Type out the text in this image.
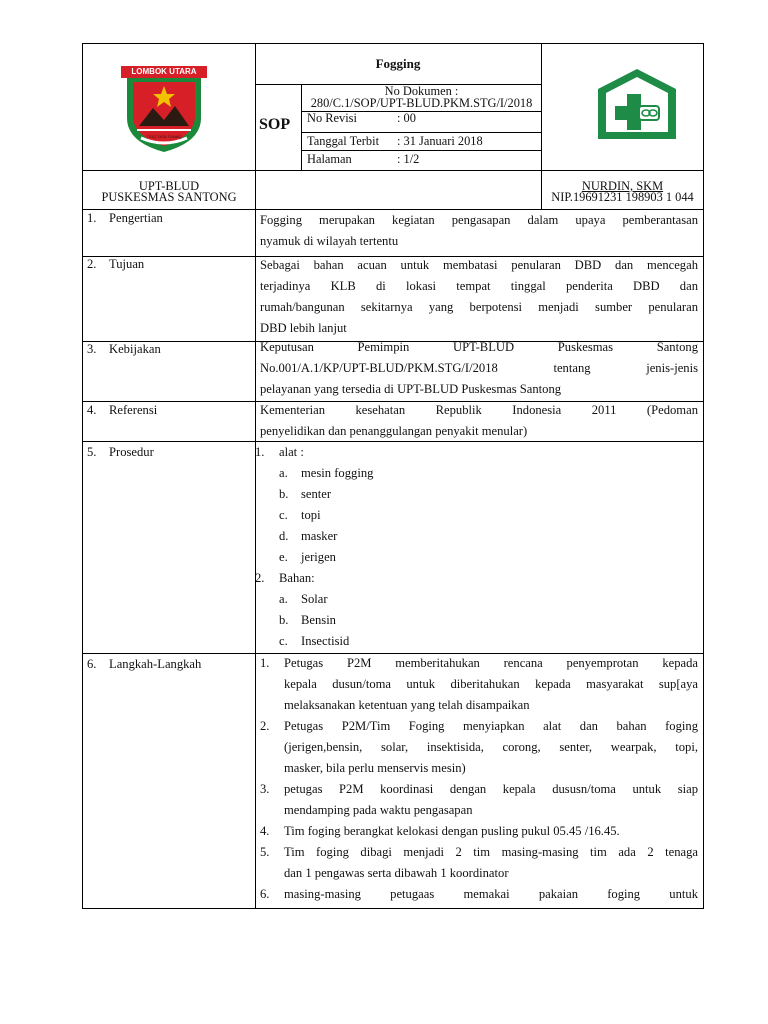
LOMBOK UTARA
TIOQ TATA TUNAQ
Fogging
SOP
No Dokumen :
280/C.1/SOP/UPT-BLUD.PKM.STG/I/2018
No Revisi	: 00
Tanggal Terbit : 31 Januari 2018
Halaman	: 1/2
UPT-BLUD
PUSKESMAS SANTONG
NURDIN, SKM
NIP.19691231 198903 1 044
1. Pengertian	Fogging merupakan kegiatan pengasapan dalam upaya pemberantasan
nyamuk di wilayah tertentu
2. Tujuan	Sebagai bahan acuan untuk membatasi penularan DBD dan mencegah
terjadinya KLB di lokasi tempat tinggal penderita DBD dan
rumah/bangunan sekitarnya yang berpotensi menjadi sumber penularan
DBD lebih lanjut
3. Kebijakan	Keputusan Pemimpin UPT-BLUD Puskesmas Santong
No.001/A.1/KP/UPT-BLUD/PKM.STG/I/2018 tentang jenis-jenis
pelayanan yang tersedia di UPT-BLUD Puskesmas Santong
4. Referensi	Kementerian kesehatan Republik Indonesia 2011 (Pedoman
penyelidikan dan penanggulangan penyakit menular)
5. Prosedur	1. alat :
a. mesin fogging
b. senter
c. topi
d. masker
e. jerigen
2. Bahan:
a. Solar
b. Bensin
c. Insectisid
6. Langkah-Langkah	1. Petugas P2M memberitahukan rencana penyemprotan kepada
kepala dusun/toma untuk diberitahukan kepada masyarakat sup[aya
melaksanakan ketentuan yang telah disampaikan
2. Petugas P2M/Tim Foging menyiapkan alat dan bahan foging
(jerigen,bensin, solar, insektisida, corong, senter, wearpak, topi,
masker, bila perlu menservis mesin)
3. petugas P2M koordinasi dengan kepala dususn/toma untuk siap
mendamping pada waktu pengasapan
4. Tim foging berangkat kelokasi dengan pusling pukul 05.45 /16.45.
5. Tim foging dibagi menjadi 2 tim masing-masing tim ada 2 tenaga
dan 1 pengawas serta dibawah 1 koordinator
6. masing-masing petugaas memakai pakaian foging untuk
